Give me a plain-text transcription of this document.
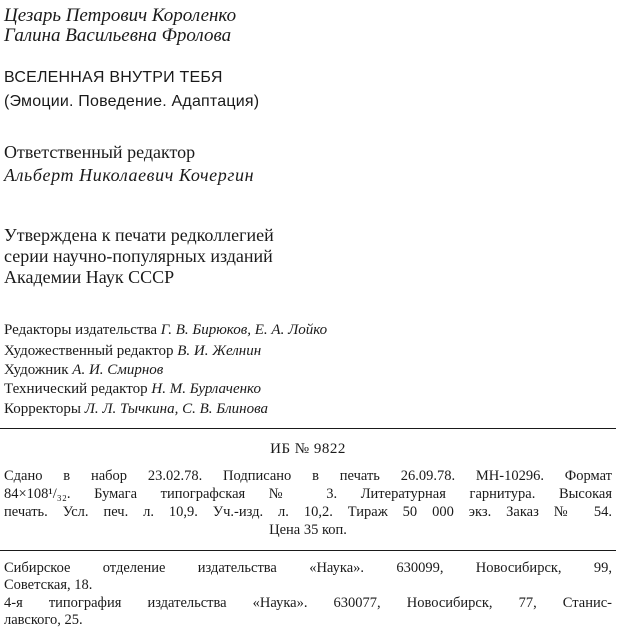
Цезарь Петрович Короленко
Галина Васильевна Фролова
ВСЕЛЕННАЯ ВНУТРИ ТЕБЯ
(Эмоции. Поведение. Адаптация)
Ответственный редактор
Альберт Николаевич Кочергин
Утверждена к печати редколлегией
серии научно-популярных изданий
Академии Наук СССР
Редакторы издательства Г. В. Бирюков, Е. А. Лойко
Художественный редактор В. И. Желнин
Художник А. И. Смирнов
Технический редактор Н. М. Бурлаченко
Корректоры Л. Л. Тычкина, С. В. Блинова
ИБ № 9822
Сдано в набор 23.02.78. Подписано в печать 26.09.78. МН-10296. Формат
84×108¹/₃₂. Бумага типографская № 3. Литературная гарнитура. Высокая
печать. Усл. печ. л. 10,9. Уч.-изд. л. 10,2. Тираж 50 000 экз. Заказ № 54.
Цена 35 коп.
Сибирское отделение издательства «Наука». 630099, Новосибирск, 99,
Советская, 18.
4-я типография издательства «Наука». 630077, Новосибирск, 77, Станис-
лавского, 25.
